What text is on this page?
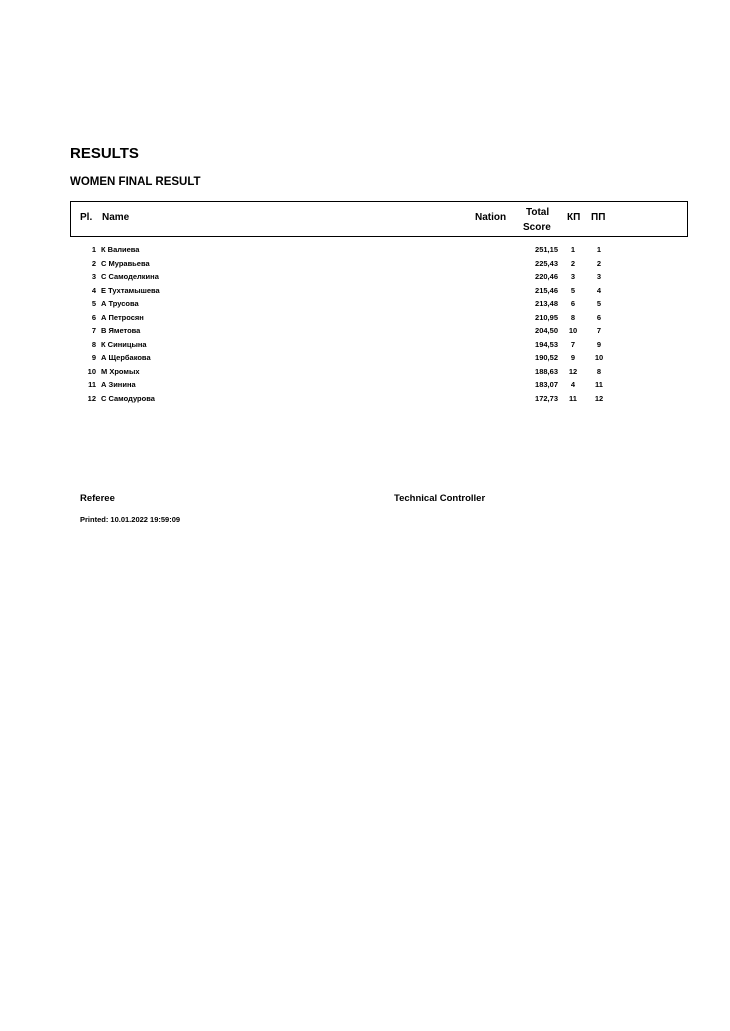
RESULTS
WOMEN FINAL RESULT
Pl. Name	Nation Total
Score
КП ПП
1 К Валиева	251,15	1	1
2 С Муравьева	225,43	2	2
3 С Самоделкина	220,46	3	3
4 Е Тухтамышева	215,46	5	4
5 А Трусова	213,48	6	5
6 А Петросян	210,95	8	6
7 В Яметова	204,50 10	7
8 К Синицына	194,53	7	9
9 А Щербакова	190,52	9	10
10 М Хромых	188,63 12	8
11 А Зинина	183,07	4	11
12 С Самодурова	172,73 11	12
Referee	Technical Controller
Printed: 10.01.2022 19:59:09
